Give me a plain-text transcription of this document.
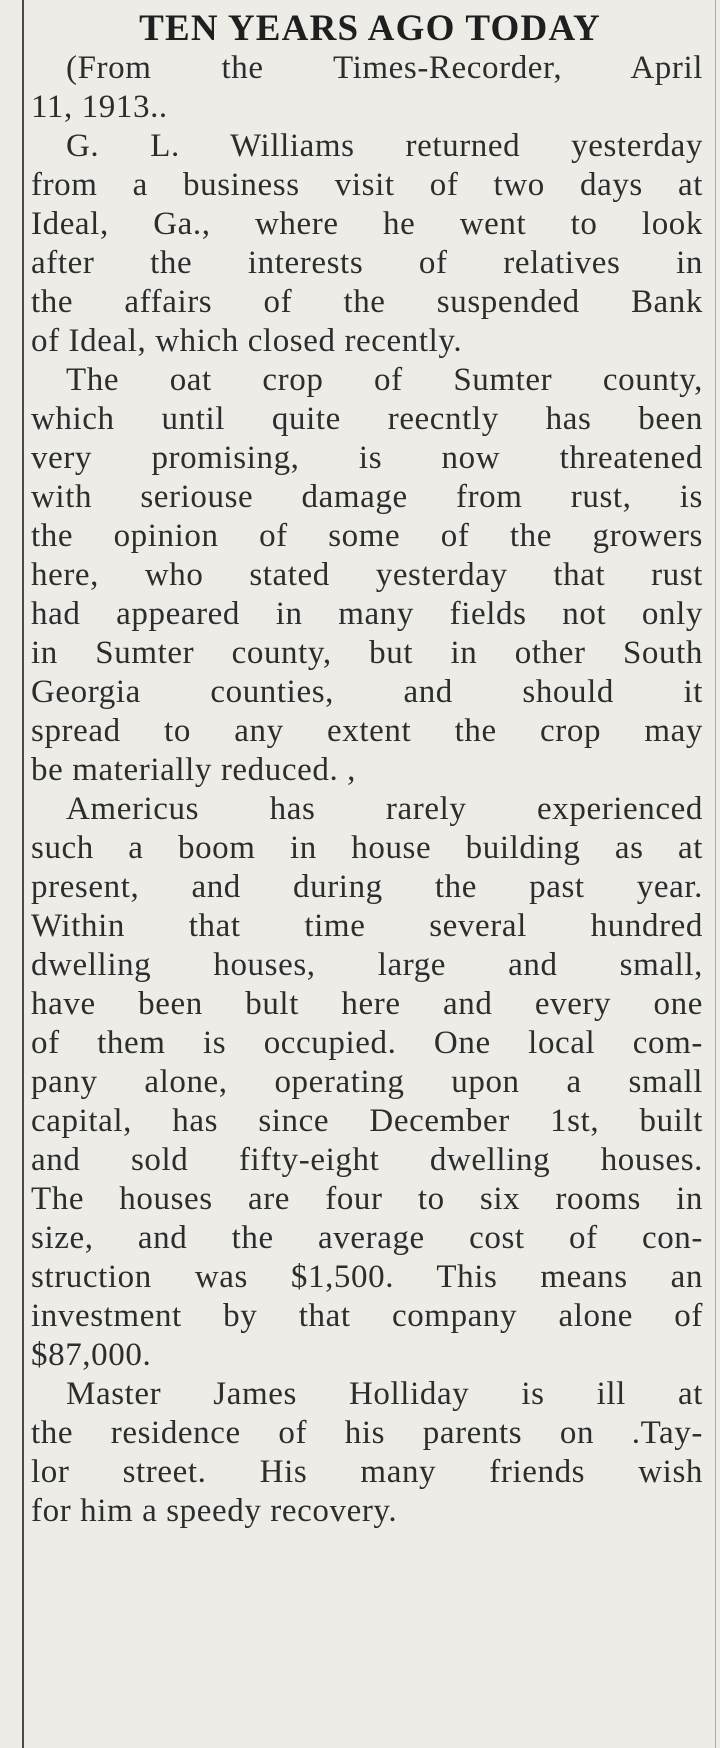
TEN YEARS AGO TODAY
(From the Times-Recorder, April
11, 1913..
G. L. Williams returned yesterday
from a business visit of two days at
Ideal, Ga., where he went to look
after the interests of relatives in
the affairs of the suspended Bank
of Ideal, which closed recently.
The oat crop of Sumter county,
which until quite reecntly has been
very promising, is now threatened
with seriouse damage from rust, is
the opinion of some of the growers
here, who stated yesterday that rust
had appeared in many fields not only
in Sumter county, but in other South
Georgia counties, and should it
spread to any extent the crop may
be materially reduced. ,
Americus has rarely experienced
such a boom in house building as at
present, and during the past year.
Within that time several hundred
dwelling houses, large and small,
have been bult here and every one
of them is occupied. One local com-
pany alone, operating upon a small
capital, has since December 1st, built
and sold fifty-eight dwelling houses.
The houses are four to six rooms in
size, and the average cost of con-
struction was $1,500. This means an
investment by that company alone of
$87,000.
Master James Holliday is ill at
the residence of his parents on .Tay-
lor street. His many friends wish
for him a speedy recovery.
